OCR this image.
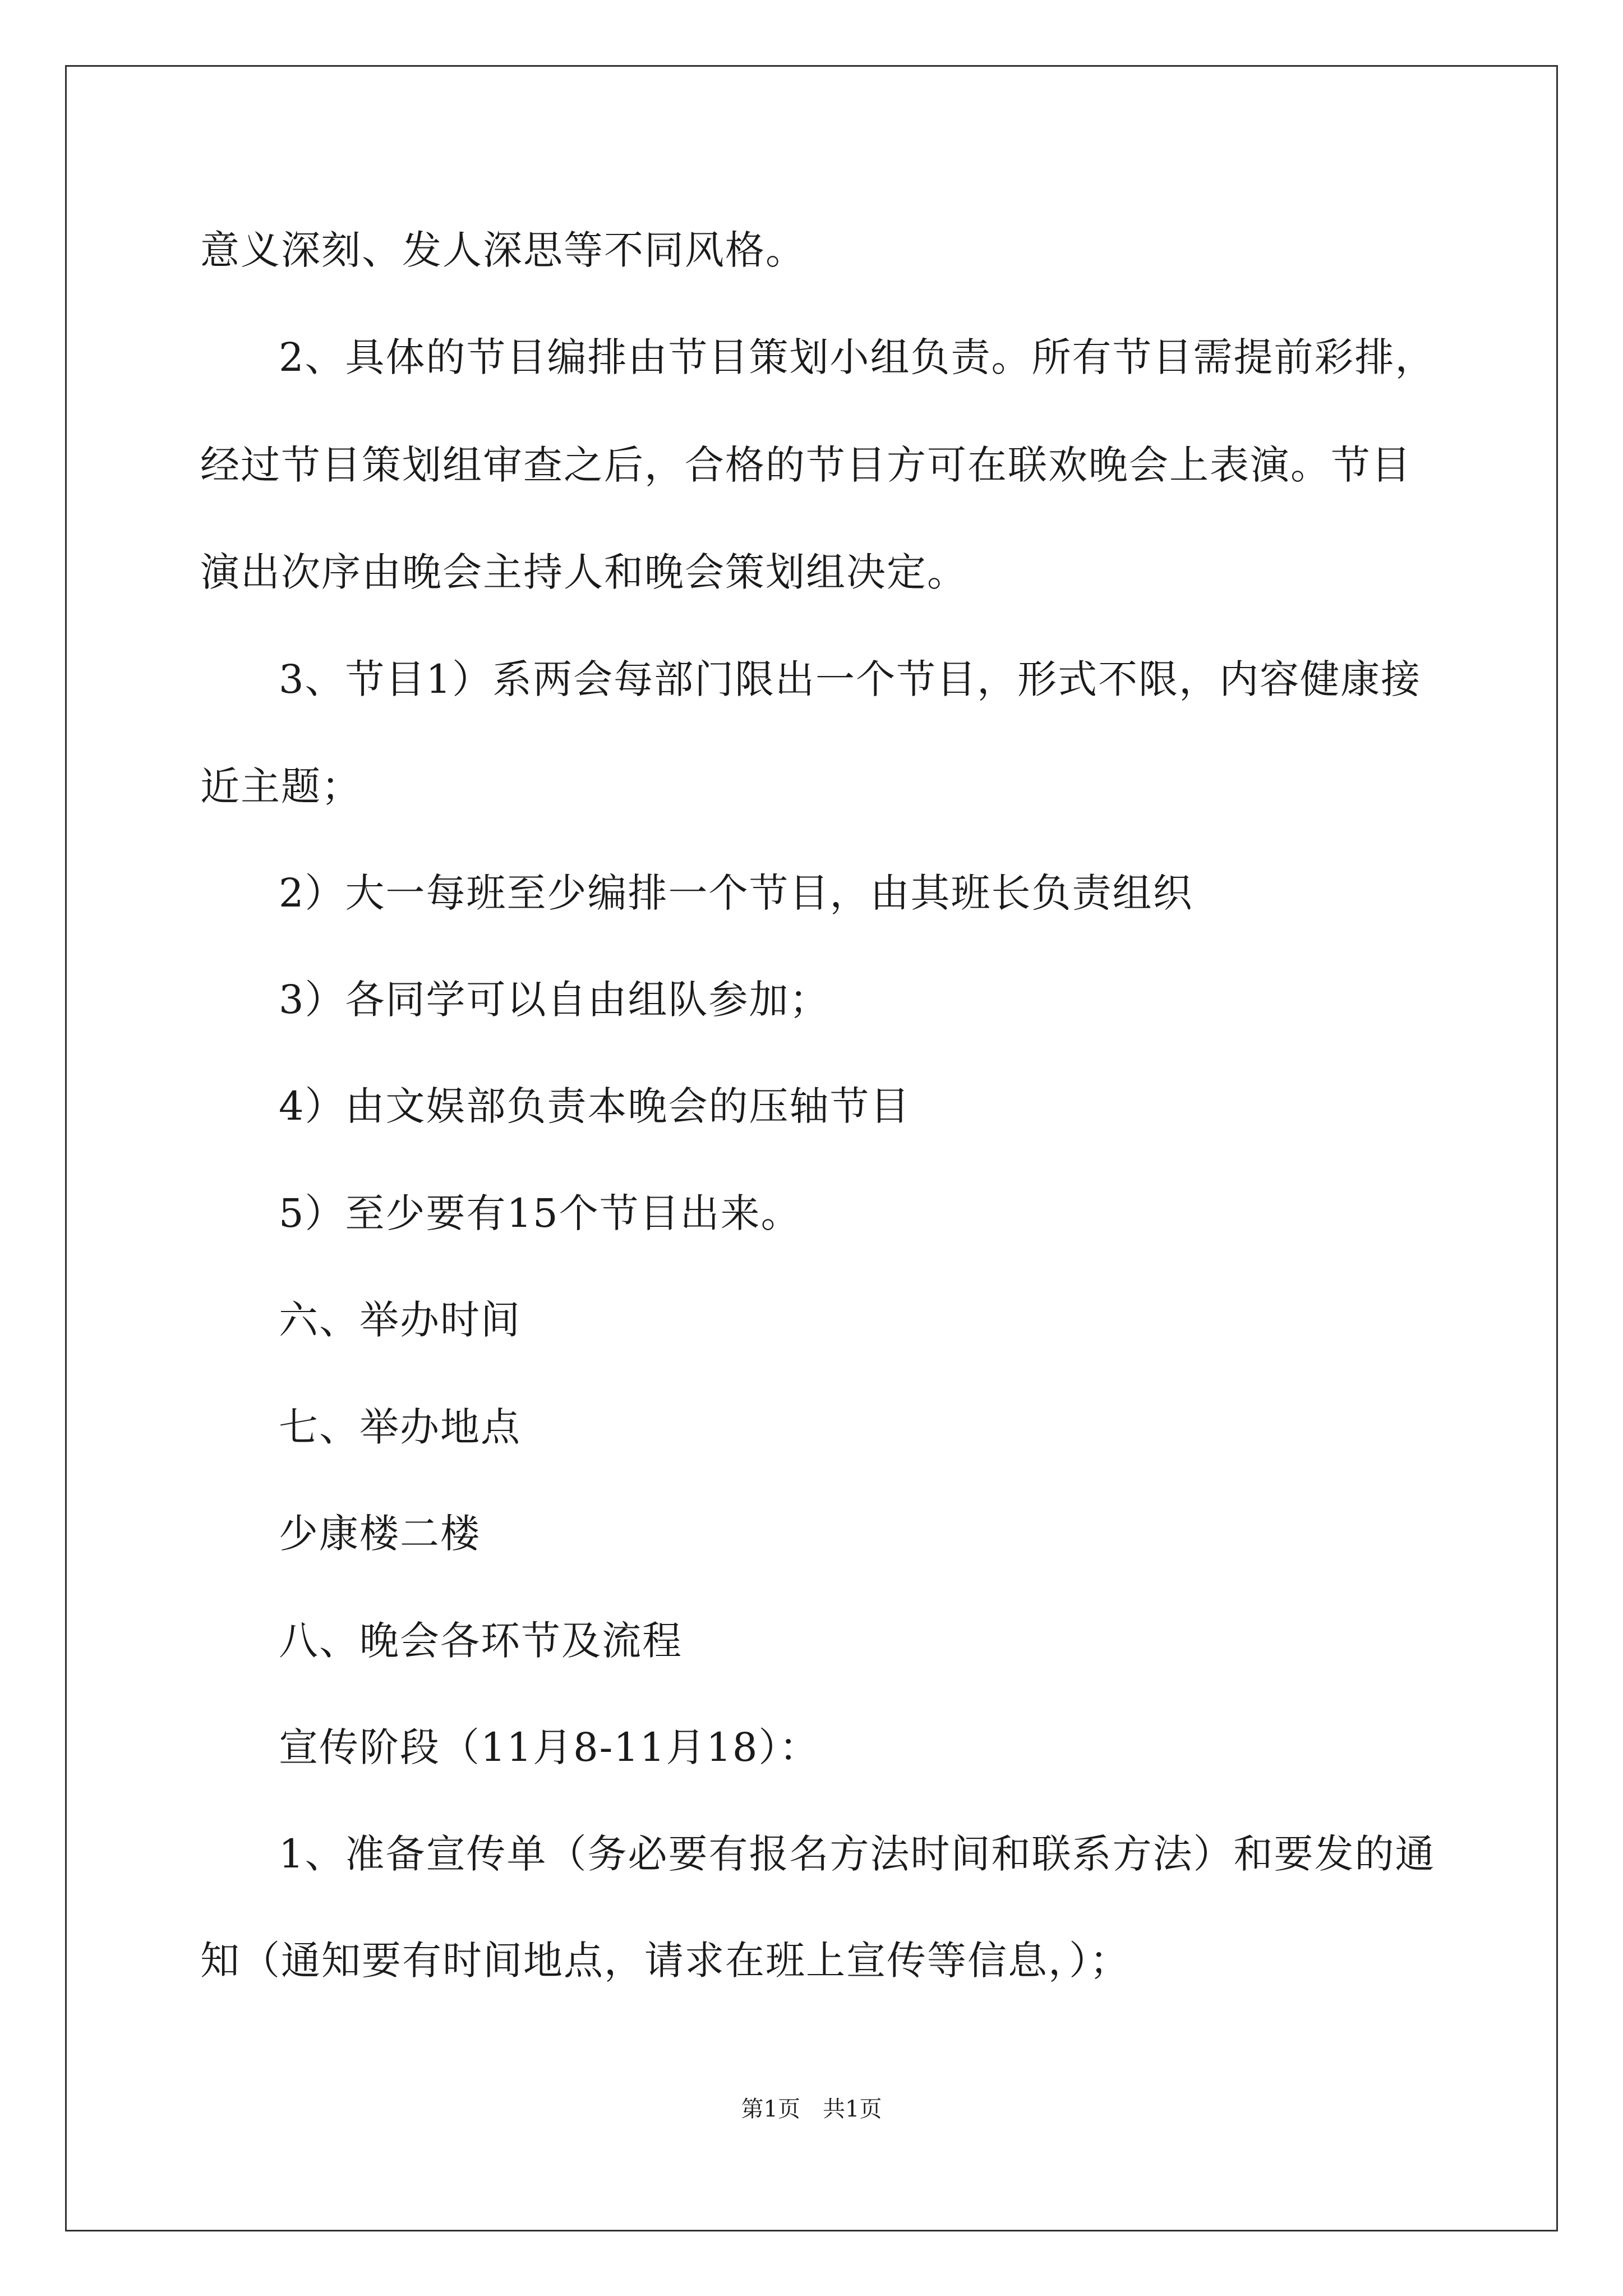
意义深刻、发人深思等不同风格。
2、具体的节目编排由节目策划小组负责。所有节目需提前彩排，
经过节目策划组审查之后，合格的节目方可在联欢晚会上表演。节目
演出次序由晚会主持人和晚会策划组决定。
3、节目1）系两会每部门限出一个节目，形式不限，内容健康接
近主题；
2）大一每班至少编排一个节目，由其班长负责组织
3）各同学可以自由组队参加；
4）由文娱部负责本晚会的压轴节目
5）至少要有15个节目出来。
六、举办时间
七、举办地点
少康楼二楼
八、晚会各环节及流程
宣传阶段（11月8-11月18）：
1、准备宣传单（务必要有报名方法时间和联系方法）和要发的通
知（通知要有时间地点，请求在班上宣传等信息，）；
第1页　共1页
